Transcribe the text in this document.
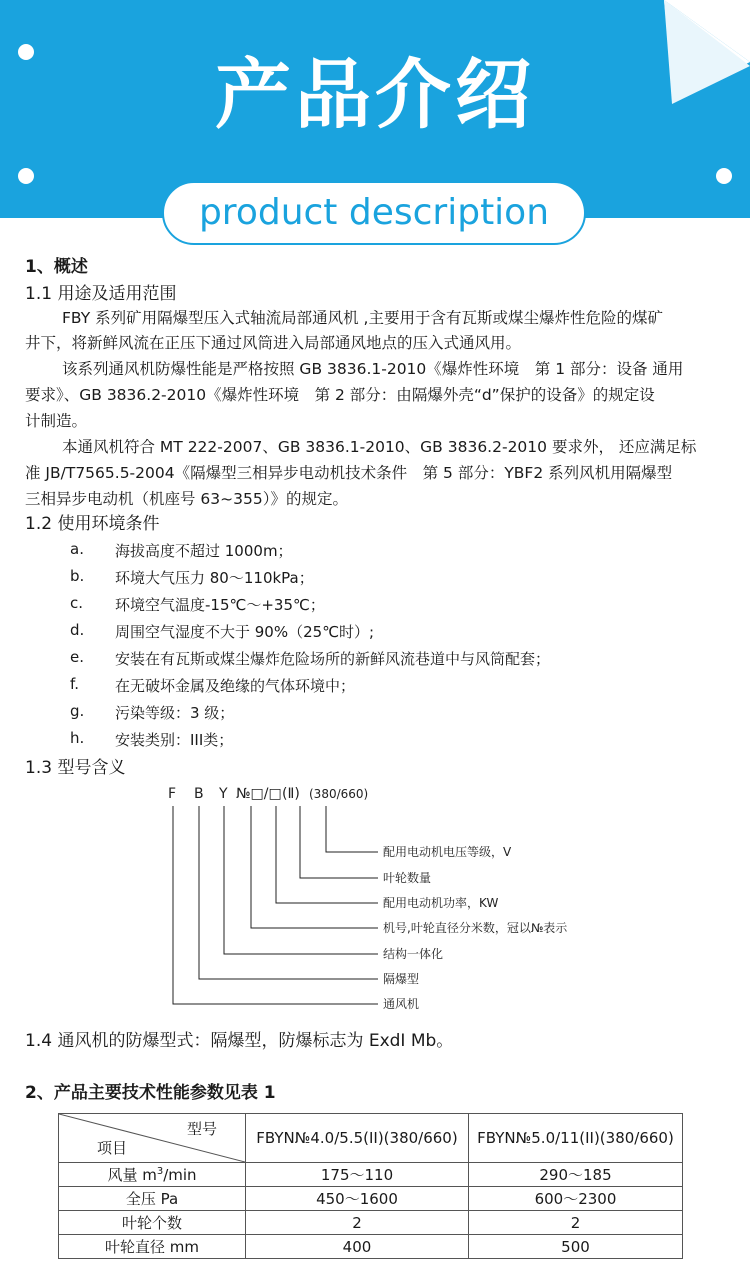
产品介绍
product description
1、概述
1.1 用途及适用范围
FBY 系列矿用隔爆型压入式轴流局部通风机 ,主要用于含有瓦斯或煤尘爆炸性危险的煤矿
井下，将新鲜风流在正压下通过风筒进入局部通风地点的压入式通风用。
该系列通风机防爆性能是严格按照 GB 3836.1-2010《爆炸性环境　第 1 部分：设备 通用
要求》、GB 3836.2-2010《爆炸性环境　第 2 部分：由隔爆外壳“d”保护的设备》的规定设
计制造。
本通风机符合 MT 222-2007、GB 3836.1-2010、GB 3836.2-2010 要求外， 还应满足标
准 JB/T7565.5-2004《隔爆型三相异步电动机技术条件　第 5 部分：YBF2 系列风机用隔爆型
三相异步电动机（机座号 63~355）》的规定。
1.2 使用环境条件
a. 海拔高度不超过 1000m；
b. 环境大气压力 80～110kPa；
c. 环境空气温度-15℃～+35℃；
d. 周围空气湿度不大于 90%（25℃时）;
e. 安装在有瓦斯或煤尘爆炸危险场所的新鲜风流巷道中与风筒配套；
f. 在无破坏金属及绝缘的气体环境中；
g. 污染等级：3 级；
h. 安装类别：III类；
1.3 型号含义
F B Y №□/□ (Ⅱ) (380/660)
配用电动机电压等级，V
叶轮数量
配用电动机功率，KW
机号,叶轮直径分米数，冠以№表示
结构一体化
隔爆型
通风机
1.4 通风机的防爆型式：隔爆型，防爆标志为 ExdI Mb。
2、产品主要技术性能参数见表 1
型号
项目	FBYN№4.0/5.5(II)(380/660)	FBYN№5.0/11(II)(380/660)
风量 $m^3/\min$	175～110	290～185
全压 Pa	450～1600	600～2300
叶轮个数	2	2
叶轮直径 mm	400	500
